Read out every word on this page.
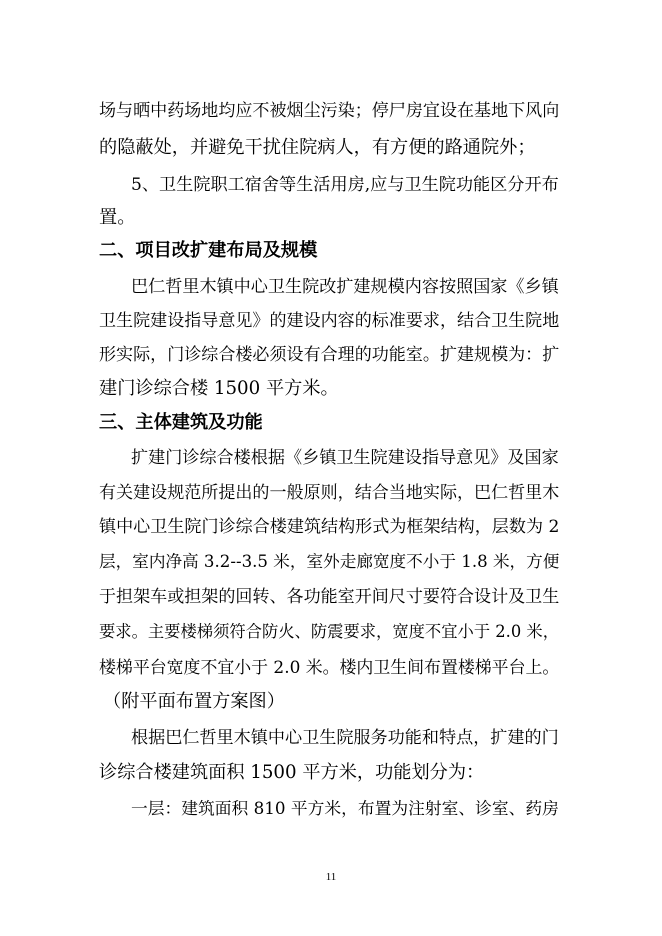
场与晒中药场地均应不被烟尘污染；停尸房宜设在基地下风向
的隐蔽处，并避免干扰住院病人，有方便的路通院外；
5、卫生院职工宿舍等生活用房,应与卫生院功能区分开布
置。
二、项目改扩建布局及规模
巴仁哲里木镇中心卫生院改扩建规模内容按照国家《乡镇
卫生院建设指导意见》的建设内容的标准要求，结合卫生院地
形实际，门诊综合楼必须设有合理的功能室。扩建规模为：扩
建门诊综合楼 1500 平方米。
三、主体建筑及功能
扩建门诊综合楼根据《乡镇卫生院建设指导意见》及国家
有关建设规范所提出的一般原则，结合当地实际，巴仁哲里木
镇中心卫生院门诊综合楼建筑结构形式为框架结构，层数为 2
层，室内净高 3.2--3.5 米，室外走廊宽度不小于 1.8 米，方便
于担架车或担架的回转、各功能室开间尺寸要符合设计及卫生
要求。主要楼梯须符合防火、防震要求，宽度不宜小于 2.0 米，
楼梯平台宽度不宜小于 2.0 米。楼内卫生间布置楼梯平台上。
（附平面布置方案图）
根据巴仁哲里木镇中心卫生院服务功能和特点，扩建的门
诊综合楼建筑面积 1500 平方米，功能划分为：
一层：建筑面积 810 平方米，布置为注射室、诊室、药房
11
